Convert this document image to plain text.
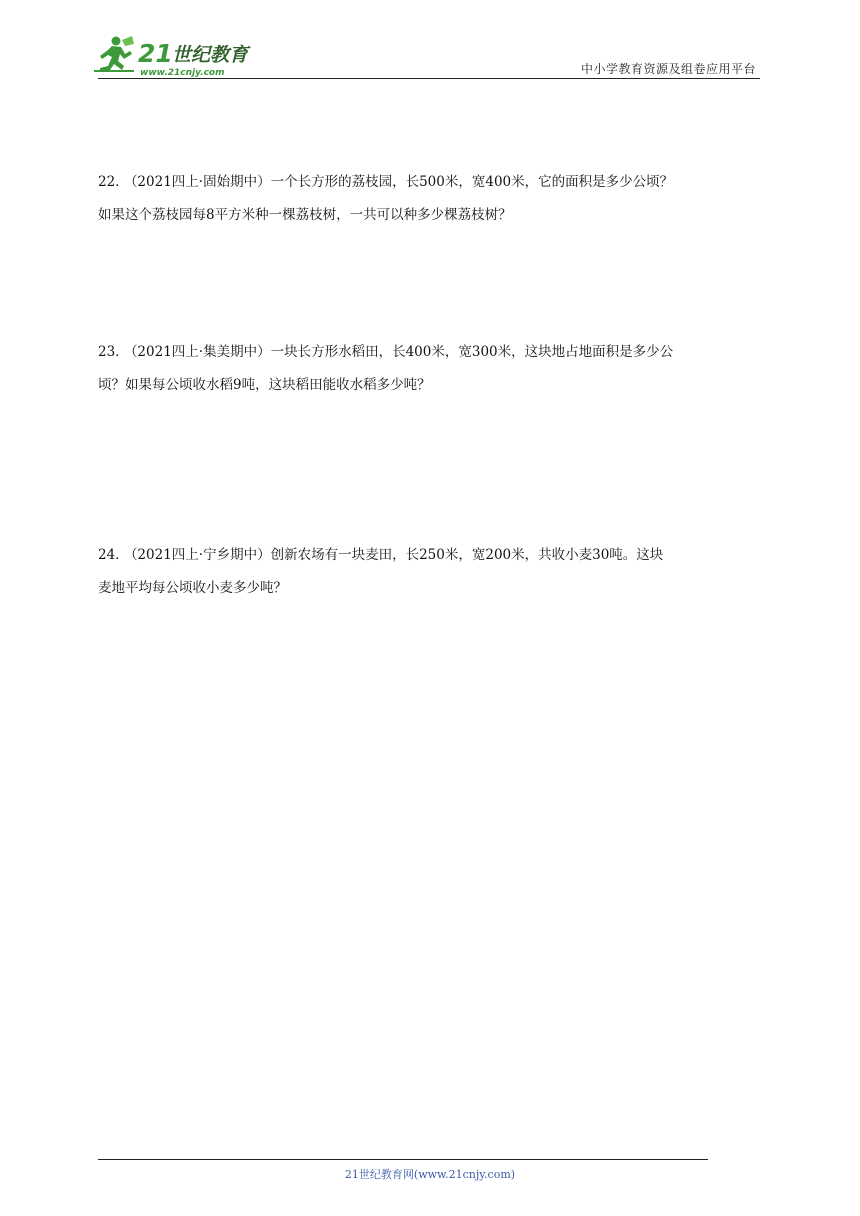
21 世纪教育
www.21cnjy.com	中小学教育资源及组卷应用平台
22． （2021四上·固始期中）一个长方形的荔枝园，长500米，宽400米，它的面积是多少公顷？
如果这个荔枝园每8平方米种一棵荔枝树，一共可以种多少棵荔枝树？
23． （2021四上·集美期中）一块长方形水稻田，长400米，宽300米，这块地占地面积是多少公
顷？如果每公顷收水稻9吨，这块稻田能收水稻多少吨？
24． （2021四上·宁乡期中）创新农场有一块麦田，长250米，宽200米，共收小麦30吨。这块
麦地平均每公顷收小麦多少吨？
21世纪教育网(www.21cnjy.com)
